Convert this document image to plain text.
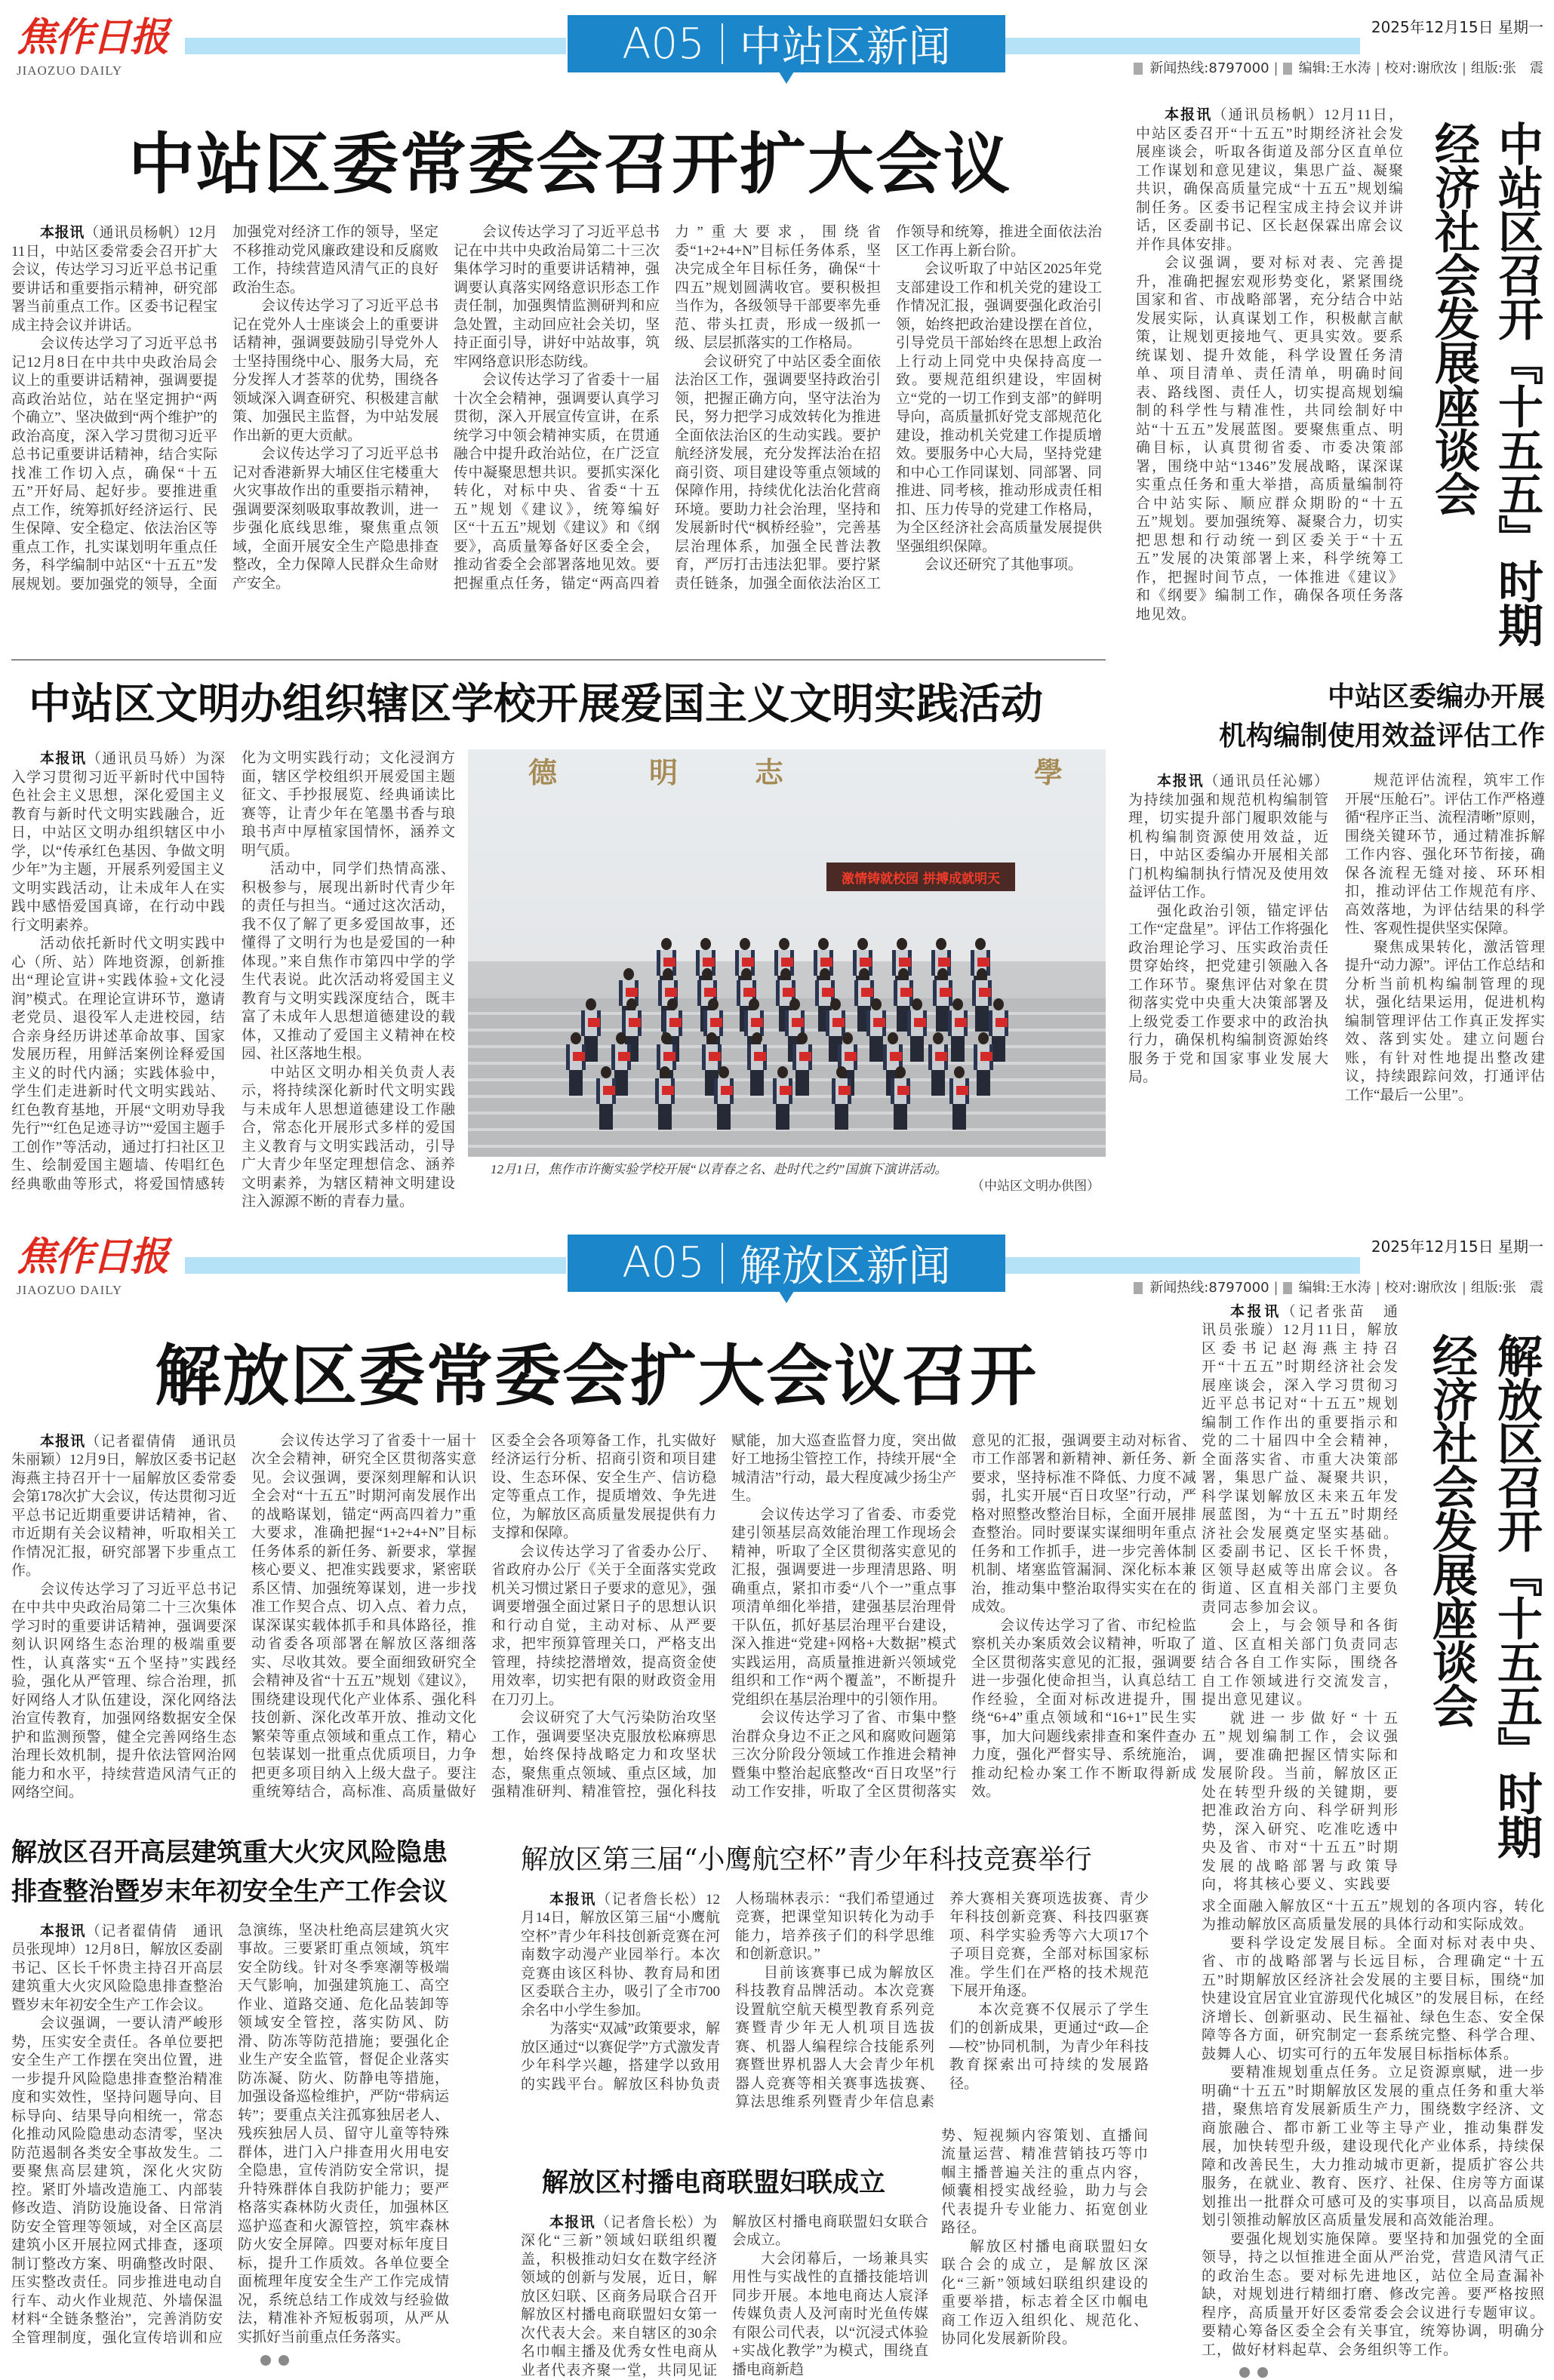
焦作日报
JIAOZUO DAILY
A05 中站区新闻	2025年12月15日 星期一
新闻热线:8797000 | 编辑:王水涛 | 校对:谢欣汝 | 组版:张　震
中站区委常委会召开扩大会议

本报讯（通讯员杨帆）12月11日，中站区委常委会召开扩大会议，传达学习习近平总书记重要讲话和重要指示精神，研究部署当前重点工作。区委书记程宝成主持会议并讲话。

会议传达学习了习近平总书记12月8日在中共中央政治局会议上的重要讲话精神，强调要提高政治站位，站在坚定拥护“两个确立”、坚决做到“两个维护”的政治高度，深入学习贯彻习近平总书记重要讲话精神，结合实际找准工作切入点，确保“十五五”开好局、起好步。要推进重点工作，统筹抓好经济运行、民生保障、安全稳定、依法治区等重点工作，扎实谋划明年重点任务，科学编制中站区“十五五”发展规划。要加强党的领导，全面加强党对经济工作的领导，坚定不移推动党风廉政建设和反腐败工作，持续营造风清气正的良好政治生态。

会议传达学习了习近平总书记在党外人士座谈会上的重要讲话精神，强调要鼓励引导党外人士坚持围绕中心、服务大局，充分发挥人才荟萃的优势，围绕各领域深入调查研究、积极建言献策、加强民主监督，为中站发展作出新的更大贡献。

会议传达学习了习近平总书记对香港新界大埔区住宅楼重大火灾事故作出的重要指示精神，强调要深刻吸取事故教训，进一步强化底线思维，聚焦重点领域，全面开展安全生产隐患排查整改，全力保障人民群众生命财产安全。

会议传达学习了习近平总书记在中共中央政治局第二十三次集体学习时的重要讲话精神，强调要认真落实网络意识形态工作责任制，加强舆情监测研判和应急处置，主动回应社会关切，坚持正面引导，讲好中站故事，筑牢网络意识形态防线。

会议传达学习了省委十一届十次全会精神，强调要认真学习贯彻，深入开展宣传宣讲，在系统学习中领会精神实质，在贯通融合中提升政治站位，在广泛宣传中凝聚思想共识。要抓实深化转化，对标中央、省委“十五五”规划《建议》，统筹编好区“十五五”规划《建议》和《纲要》，高质量筹备好区委全会，推动省委全会部署落地见效。要把握重点任务，锚定“两高四着力”重大要求，围绕省委“1+2+4+N”目标任务体系，坚决完成全年目标任务，确保“十四五”规划圆满收官。要积极担当作为，各级领导干部要率先垂范、带头扛责，形成一级抓一级、层层抓落实的工作格局。

会议研究了中站区委全面依法治区工作，强调要坚持政治引领，把握正确方向，坚守法治为民，努力把学习成效转化为推进全面依法治区的生动实践。要护航经济发展，充分发挥法治在招商引资、项目建设等重点领域的保障作用，持续优化法治化营商环境。要助力社会治理，坚持和发展新时代“枫桥经验”，完善基层治理体系，加强全民普法教育，严厉打击违法犯罪。要拧紧责任链条，加强全面依法治区工作领导和统筹，推进全面依法治区工作再上新台阶。

会议听取了中站区2025年党支部建设工作和机关党的建设工作情况汇报，强调要强化政治引领，始终把政治建设摆在首位，引导党员干部始终在思想上政治上行动上同党中央保持高度一致。要规范组织建设，牢固树立“党的一切工作到支部”的鲜明导向，高质量抓好党支部规范化建设，推动机关党建工作提质增效。要服务中心大局，坚持党建和中心工作同谋划、同部署、同推进、同考核，推动形成责任相扣、压力传导的党建工作格局，为全区经济社会高质量发展提供坚强组织保障。

会议还研究了其他事项。

本报讯（通讯员杨帆）12月11日，中站区委召开“十五五”时期经济社会发展座谈会，听取各街道及部分区直单位工作谋划和意见建议，集思广益、凝聚共识，确保高质量完成“十五五”规划编制任务。区委书记程宝成主持会议并讲话，区委副书记、区长赵保霖出席会议并作具体安排。

会议强调，要对标对表、完善提升，准确把握宏观形势变化，紧紧围绕国家和省、市战略部署，充分结合中站发展实际，认真谋划工作，积极献言献策，让规划更接地气、更具实效。要系统谋划、提升效能，科学设置任务清单、项目清单、责任清单，明确时间表、路线图、责任人，切实提高规划编制的科学性与精准性，共同绘制好中站“十五五”发展蓝图。要聚焦重点、明确目标，认真贯彻省委、市委决策部署，围绕中站“1346”发展战略，谋深谋实重点任务和重大举措，高质量编制符合中站实际、顺应群众期盼的“十五五”规划。要加强统筹、凝聚合力，切实把思想和行动统一到区委关于“十五五”发展的决策部署上来，科学统筹工作，把握时间节点，一体推进《建议》和《纲要》编制工作，确保各项任务落地见效。	中站区召开『十五五』时期
经济社会发展座谈会
中站区文明办组织辖区学校开展爱国主义文明实践活动

本报讯（通讯员马娇）为深入学习贯彻习近平新时代中国特色社会主义思想，深化爱国主义教育与新时代文明实践融合，近日，中站区文明办组织辖区中小学，以“传承红色基因、争做文明少年”为主题，开展系列爱国主义文明实践活动，让未成年人在实践中感悟爱国真谛，在行动中践行文明素养。

活动依托新时代文明实践中心（所、站）阵地资源，创新推出“理论宣讲+实践体验+文化浸润”模式。在理论宣讲环节，邀请老党员、退役军人走进校园，结合亲身经历讲述革命故事、国家发展历程，用鲜活案例诠释爱国主义的时代内涵；实践体验中，学生们走进新时代文明实践站、红色教育基地，开展“文明劝导我先行”“红色足迹寻访”“爱国主题手工创作”等活动，通过打扫社区卫生、绘制爱国主题墙、传唱红色经典歌曲等形式，将爱国情感转化为文明实践行动；文化浸润方面，辖区学校组织开展爱国主题征文、手抄报展览、经典诵读比赛等，让青少年在笔墨书香与琅琅书声中厚植家国情怀，涵养文明气质。

活动中，同学们热情高涨、积极参与，展现出新时代青少年的责任与担当。“通过这次活动，我不仅了解了更多爱国故事，还懂得了文明行为也是爱国的一种体现。”来自焦作市第四中学的学生代表说。此次活动将爱国主义教育与文明实践深度结合，既丰富了未成年人思想道德建设的载体，又推动了爱国主义精神在校园、社区落地生根。

中站区文明办相关负责人表示，将持续深化新时代文明实践与未成年人思想道德建设工作融合，常态化开展形式多样的爱国主义教育与文明实践活动，引导广大青少年坚定理想信念、涵养文明素养，为辖区精神文明建设注入源源不断的青春力量。

德	明	志	學
激情铸就校园 拼搏成就明天
12月1日，焦作市许衡实验学校开展“以青春之名、赴时代之约”国旗下演讲活动。
（中站区文明办供图）
中站区委编办开展
机构编制使用效益评估工作

本报讯（通讯员任沁娜）为持续加强和规范机构编制管理，切实提升部门履职效能与机构编制资源使用效益，近日，中站区委编办开展相关部门机构编制执行情况及使用效益评估工作。

强化政治引领，锚定评估工作“定盘星”。评估工作将强化政治理论学习、压实政治责任贯穿始终，把党建引领融入各工作环节。聚焦评估对象在贯彻落实党中央重大决策部署及上级党委工作要求中的政治执行力，确保机构编制资源始终服务于党和国家事业发展大局。

规范评估流程，筑牢工作开展“压舱石”。评估工作严格遵循“程序正当、流程清晰”原则，围绕关键环节，通过精准拆解工作内容、强化环节衔接，确保各流程无缝对接、环环相扣，推动评估工作规范有序、高效落地，为评估结果的科学性、客观性提供坚实保障。

聚焦成果转化，激活管理提升“动力源”。评估工作总结和分析当前机构编制管理的现状，强化结果运用，促进机构编制管理评估工作真正发挥实效、落到实处。建立问题台账，有针对性地提出整改建议，持续跟踪问效，打通评估工作“最后一公里”。

焦作日报
JIAOZUO DAILY
A05 解放区新闻	2025年12月15日 星期一
新闻热线:8797000 | 编辑:王水涛 | 校对:谢欣汝 | 组版:张　震
解放区委常委会扩大会议召开

本报讯（记者翟倩倩　通讯员朱丽颖）12月9日，解放区委书记赵海燕主持召开十一届解放区委常委会第178次扩大会议，传达贯彻习近平总书记近期重要讲话精神，省、市近期有关会议精神，听取相关工作情况汇报，研究部署下步重点工作。

会议传达学习了习近平总书记在中共中央政治局第二十三次集体学习时的重要讲话精神，强调要深刻认识网络生态治理的极端重要性，认真落实“五个坚持”实践经验，强化从严管理、综合治理，抓好网络人才队伍建设，深化网络法治宣传教育，加强网络数据安全保护和监测预警，健全完善网络生态治理长效机制，提升依法管网治网能力和水平，持续营造风清气正的网络空间。

会议传达学习了省委十一届十次全会精神，研究全区贯彻落实意见。会议强调，要深刻理解和认识全会对“十五五”时期河南发展作出的战略谋划，锚定“两高四着力”重大要求，准确把握“1+2+4+N”目标任务体系的新任务、新要求，掌握核心要义、把准实践要求，紧密联系区情、加强统筹谋划，进一步找准工作契合点、切入点、着力点，谋深谋实载体抓手和具体路径，推动省委各项部署在解放区落细落实、尽收其效。要全面细致研究全会精神及省“十五五”规划《建议》，围绕建设现代化产业体系、强化科技创新、深化改革开放、推动文化繁荣等重点领域和重点工作，精心包装谋划一批重点优质项目，力争把更多项目纳入上级大盘子。要注重统筹结合，高标准、高质量做好区委全会各项筹备工作，扎实做好经济运行分析、招商引资和项目建设、生态环保、安全生产、信访稳定等重点工作，提质增效、争先进位，为解放区高质量发展提供有力支撑和保障。

会议传达学习了省委办公厅、省政府办公厅《关于全面落实党政机关习惯过紧日子要求的意见》，强调要增强全面过紧日子的思想认识和行动自觉，主动对标、从严要求，把牢预算管理关口，严格支出管理，持续挖潜增效，提高资金使用效率，切实把有限的财政资金用在刀刃上。

会议研究了大气污染防治攻坚工作，强调要坚决克服放松麻痹思想，始终保持战略定力和攻坚状态，聚焦重点领域、重点区域，加强精准研判、精准管控，强化科技赋能，加大巡查监督力度，突出做好工地扬尘管控工作，持续开展“全城清洁”行动，最大程度减少扬尘产生。

会议传达学习了省委、市委党建引领基层高效能治理工作现场会精神，听取了全区贯彻落实意见的汇报，强调要进一步理清思路、明确重点，紧扣市委“八个一”重点事项清单细化举措，建强基层治理骨干队伍，抓好基层治理平台建设，深入推进“党建+网格+大数据”模式实践运用，高质量推进新兴领域党组织和工作“两个覆盖”，不断提升党组织在基层治理中的引领作用。

会议传达学习了省、市集中整治群众身边不正之风和腐败问题第三次分阶段分领域工作推进会精神暨集中整治起底整改“百日攻坚”行动工作安排，听取了全区贯彻落实意见的汇报，强调要主动对标省、市工作部署和新精神、新任务、新要求，坚持标准不降低、力度不减弱，扎实开展“百日攻坚”行动，严格对照整改整治目标，全面开展排查整治。同时要谋实谋细明年重点任务和工作抓手，进一步完善体制机制、堵塞监管漏洞、深化标本兼治，推动集中整治取得实实在在的成效。

会议传达学习了省、市纪检监察机关办案质效会议精神，听取了全区贯彻落实意见的汇报，强调要进一步强化使命担当，认真总结工作经验，全面对标改进提升，围绕“6+4”重点领域和“16+1”民生实事，加大问题线索排查和案件查办力度，强化严督实导、系统施治，推动纪检办案工作不断取得新成效。

解放区召开高层建筑重大火灾风险隐患
排查整治暨岁末年初安全生产工作会议

本报讯（记者翟倩倩　通讯员张现坤）12月8日，解放区委副书记、区长千怀贵主持召开高层建筑重大火灾风险隐患排查整治暨岁末年初安全生产工作会议。

会议强调，一要认清严峻形势，压实安全责任。各单位要把安全生产工作摆在突出位置，进一步提升风险隐患排查整治精准度和实效性，坚持问题导向、目标导向、结果导向相统一，常态化推动风险隐患动态清零，坚决防范遏制各类安全事故发生。二要聚焦高层建筑，深化火灾防控。紧盯外墙改造施工、内部装修改造、消防设施设备、日常消防安全管理等领域，对全区高层建筑小区开展拉网式排查，逐项制订整改方案、明确整改时限、压实整改责任。同步推进电动自行车、动火作业规范、外墙保温材料“全链条整治”，完善消防安全管理制度，强化宣传培训和应急演练，坚决杜绝高层建筑火灾事故。三要紧盯重点领域，筑牢安全防线。针对冬季寒潮等极端天气影响，加强建筑施工、高空作业、道路交通、危化品装卸等领域安全管控，落实防风、防滑、防冻等防范措施；要强化企业生产安全监管，督促企业落实防冻凝、防火、防静电等措施，加强设备巡检维护，严防“带病运转”；要重点关注孤寡独居老人、残疾独居人员、留守儿童等特殊群体，进门入户排查用火用电安全隐患，宣传消防安全常识，提升特殊群体自我防护能力；要严格落实森林防火责任，加强林区巡护巡查和火源管控，筑牢森林防火安全屏障。四要对标年度目标，提升工作质效。各单位要全面梳理年度安全生产工作完成情况，系统总结工作成效与经验做法，精准补齐短板弱项，从严从实抓好当前重点任务落实。

解放区第三届“小鹰航空杯”青少年科技竞赛举行

本报讯（记者詹长松）12月14日，解放区第三届“小鹰航空杯”青少年科技创新竞赛在河南数字动漫产业园举行。本次竞赛由该区科协、教育局和团区委联合主办，吸引了全市700余名中小学生参加。

为落实“双减”政策要求，解放区通过“以赛促学”方式激发青少年科学兴趣，搭建学以致用的实践平台。解放区科协负责人杨瑞林表示：“我们希望通过竞赛，把课堂知识转化为动手能力，培养孩子们的科学思维和创新意识。”

目前该赛事已成为解放区科技教育品牌活动。本次竞赛设置航空航天模型教育系列竞赛暨青少年无人机项目选拔赛、机器人编程综合技能系列赛暨世界机器人大会青少年机器人竞赛等相关赛事选拔赛、算法思维系列暨青少年信息素养大赛相关赛项选拔赛、青少年科技创新竞赛、科技四驱赛项、科学实验秀等六大项17个子项目竞赛，全部对标国家标准。学生们在严格的技术规范下展开角逐。

本次竞赛不仅展示了学生们的创新成果，更通过“政—企—校”协同机制，为青少年科技教育探索出可持续的发展路径。

解放区村播电商联盟妇联成立

本报讯（记者詹长松）为深化“三新”领域妇联组织覆盖，积极推动妇女在数字经济领域的创新与发展，近日，解放区妇联、区商务局联合召开解放区村播电商联盟妇女第一次代表大会。来自辖区的30余名巾帼主播及优秀女性电商从业者代表齐聚一堂，共同见证解放区村播电商联盟妇女联合会成立。

大会闭幕后，一场兼具实用性与实战性的直播技能培训同步开展。本地电商达人宸泽传媒负责人及河南时光鱼传媒有限公司代表，以“沉浸式体验+实战化教学”为模式，围绕直播电商新趋

势、短视频内容策划、直播间流量运营、精准营销技巧等巾帼主播普遍关注的重点内容，倾囊相授实战经验，助力与会代表提升专业能力、拓宽创业路径。

解放区村播电商联盟妇女联合会的成立，是解放区深化“三新”领域妇联组织建设的重要举措，标志着全区巾帼电商工作迈入组织化、规范化、协同化发展新阶段。

本报讯（记者张苗　通讯员张璇）12月11日，解放区委书记赵海燕主持召开“十五五”时期经济社会发展座谈会，深入学习贯彻习近平总书记对“十五五”规划编制工作作出的重要指示和党的二十届四中全会精神，全面落实省、市重大决策部署，集思广益、凝聚共识，科学谋划解放区未来五年发展蓝图，为“十五五”时期经济社会发展奠定坚实基础。区委副书记、区长千怀贵，区领导赵威等出席会议。各街道、区直相关部门主要负责同志参加会议。

会上，与会领导和各街道、区直相关部门负责同志结合各自工作实际，围绕各自工作领域进行交流发言，提出意见建议。

就进一步做好“十五五”规划编制工作，会议强调，要准确把握区情实际和发展阶段。当前，解放区正处在转型升级的关键期，要把准政治方向、科学研判形势，深入研究、吃准吃透中央及省、市对“十五五”时期发展的战略部署与政策导向，将其核心要义、实践要

解放区召开『十五五』时期
经济社会发展座谈会

求全面融入解放区“十五五”规划的各项内容，转化为推动解放区高质量发展的具体行动和实际成效。

要科学设定发展目标。全面对标对表中央、省、市的战略部署与长远目标，合理确定“十五五”时期解放区经济社会发展的主要目标，围绕“加快建设宜居宜业宜游现代化城区”的发展目标，在经济增长、创新驱动、民生福祉、绿色生态、安全保障等各方面，研究制定一套系统完整、科学合理、鼓舞人心、切实可行的五年发展目标指标体系。

要精准规划重点任务。立足资源禀赋，进一步明确“十五五”时期解放区发展的重点任务和重大举措，聚焦培育发展新质生产力，围绕数字经济、文商旅融合、都市新工业等主导产业，推动集群发展，加快转型升级，建设现代化产业体系，持续保障和改善民生，大力推动城市更新，提质扩容公共服务，在就业、教育、医疗、社保、住房等方面谋划推出一批群众可感可及的实事项目，以高品质规划引领推动解放区高质量发展和高效能治理。

要强化规划实施保障。要坚持和加强党的全面领导，持之以恒推进全面从严治党，营造风清气正的政治生态。要对标先进地区，站位全局查漏补缺，对规划进行精细打磨、修改完善。要严格按照程序，高质量开好区委常委会会议进行专题审议。要精心筹备区委全会有关事宜，统筹协调，明确分工，做好材料起草、会务组织等工作。
